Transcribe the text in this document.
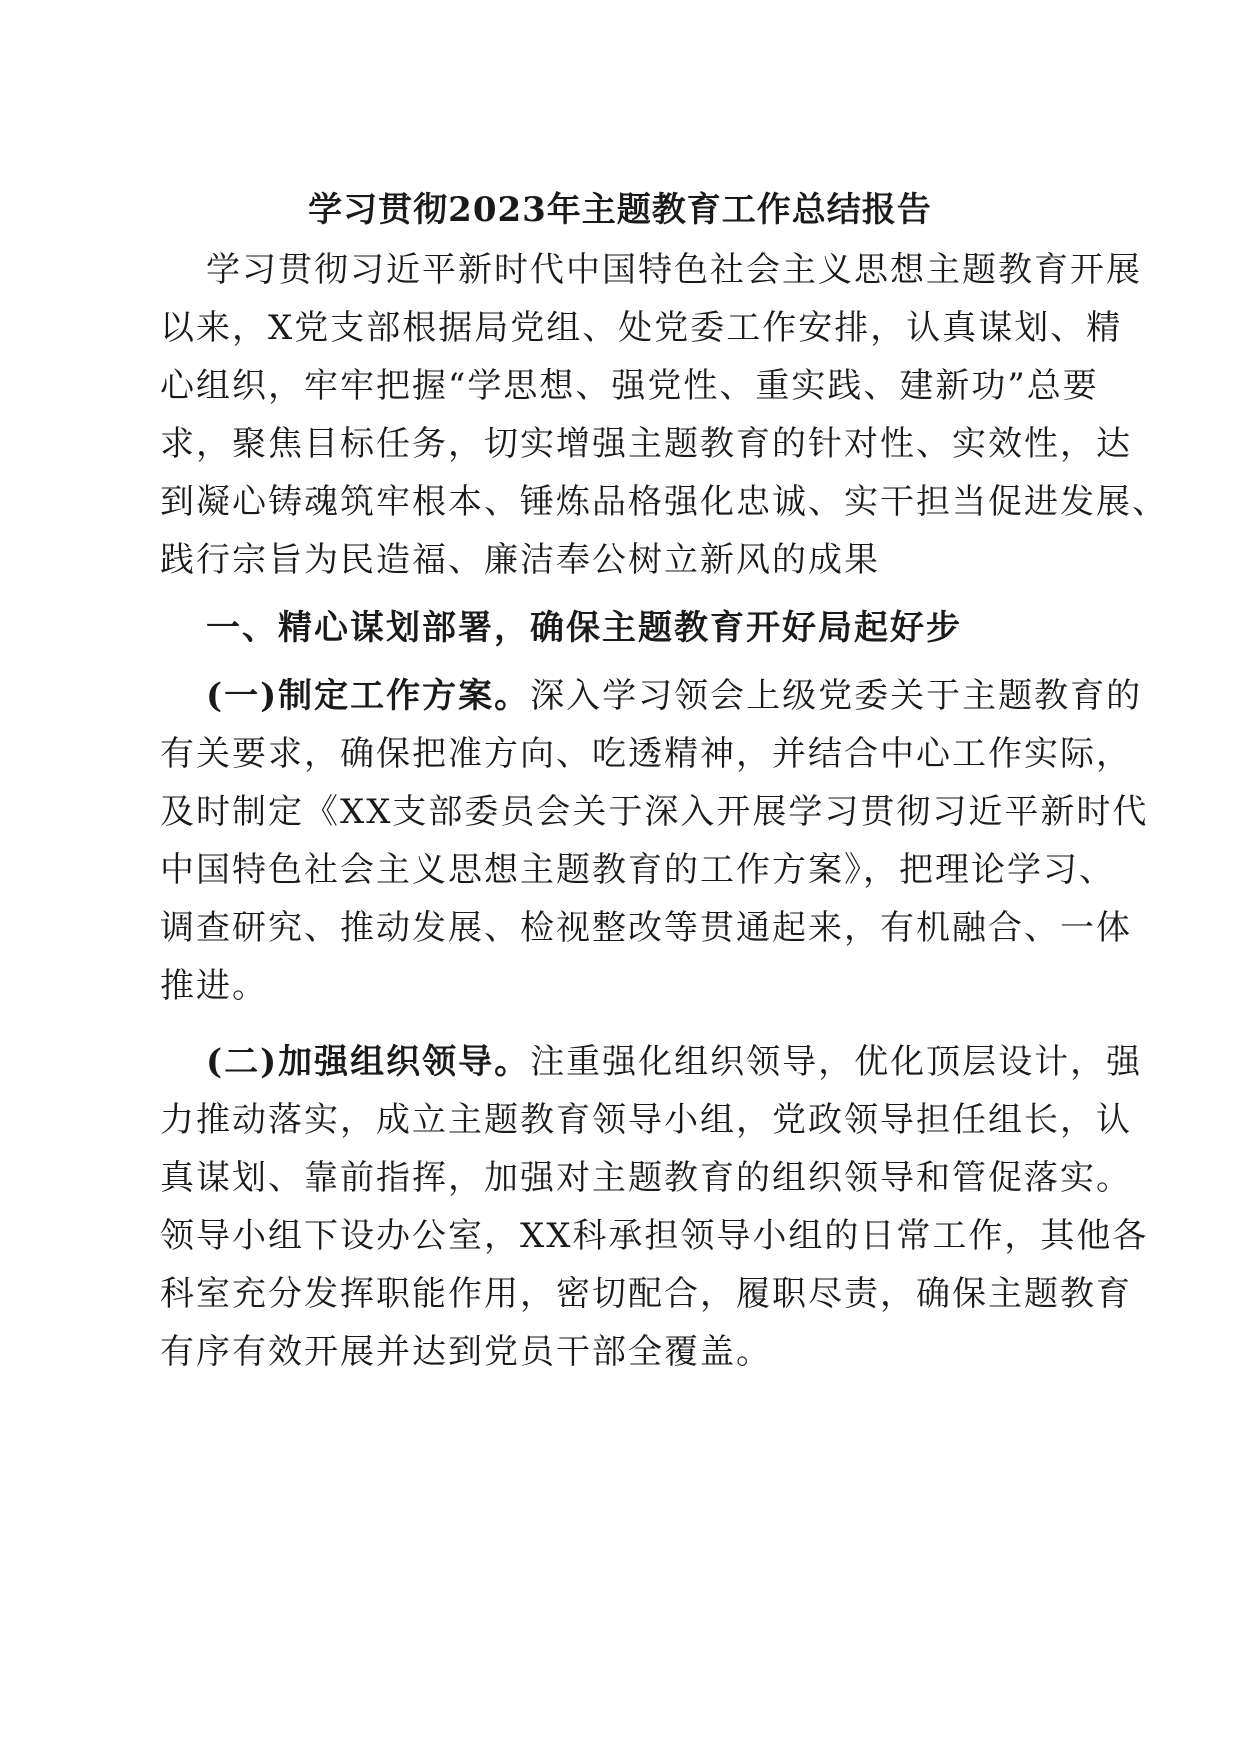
学习贯彻2023年主题教育工作总结报告

学习贯彻习近平新时代中国特色社会主义思想主题教育开展

以来，X党支部根据局党组、处党委工作安排，认真谋划、精

心组织，牢牢把握“学思想、强党性、重实践、建新功”总要

求，聚焦目标任务，切实增强主题教育的针对性、实效性，达

到凝心铸魂筑牢根本、锤炼品格强化忠诚、实干担当促进发展、

践行宗旨为民造福、廉洁奉公树立新风的成果

一、精心谋划部署，确保主题教育开好局起好步

(一)制定工作方案。深入学习领会上级党委关于主题教育的

有关要求，确保把准方向、吃透精神，并结合中心工作实际，

及时制定《XX支部委员会关于深入开展学习贯彻习近平新时代

中国特色社会主义思想主题教育的工作方案》，把理论学习、

调查研究、推动发展、检视整改等贯通起来，有机融合、一体

推进。

(二)加强组织领导。注重强化组织领导，优化顶层设计，强

力推动落实，成立主题教育领导小组，党政领导担任组长，认

真谋划、靠前指挥，加强对主题教育的组织领导和管促落实。

领导小组下设办公室，XX科承担领导小组的日常工作，其他各

科室充分发挥职能作用，密切配合，履职尽责，确保主题教育

有序有效开展并达到党员干部全覆盖。
